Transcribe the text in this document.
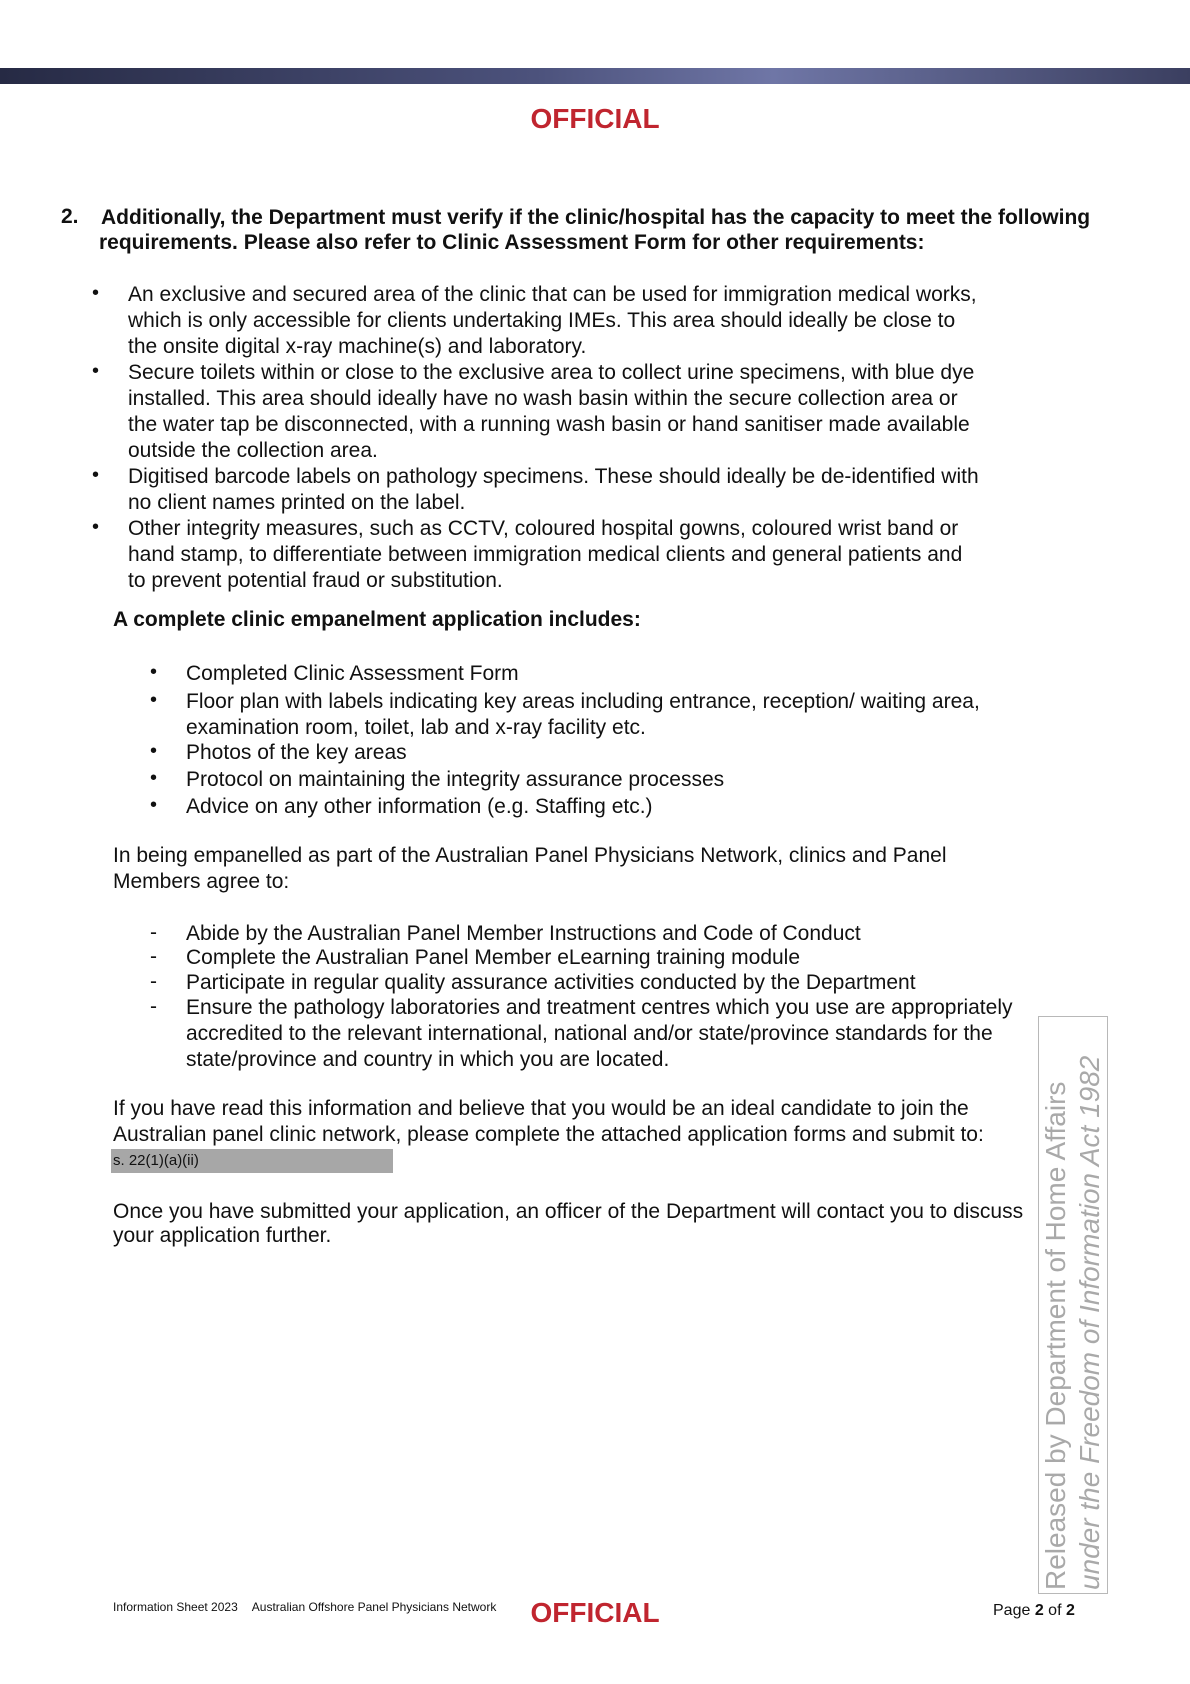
OFFICIAL
2. Additionally, the Department must verify if the clinic/hospital has the capacity to meet the following

requirements. Please also refer to Clinic Assessment Form for other requirements:

• An exclusive and secured area of the clinic that can be used for immigration medical works,

which is only accessible for clients undertaking IMEs. This area should ideally be close to

the onsite digital x-ray machine(s) and laboratory.

• Secure toilets within or close to the exclusive area to collect urine specimens, with blue dye

installed. This area should ideally have no wash basin within the secure collection area or

the water tap be disconnected, with a running wash basin or hand sanitiser made available

outside the collection area.

• Digitised barcode labels on pathology specimens. These should ideally be de-identified with

no client names printed on the label.

• Other integrity measures, such as CCTV, coloured hospital gowns, coloured wrist band or

hand stamp, to differentiate between immigration medical clients and general patients and

to prevent potential fraud or substitution.

A complete clinic empanelment application includes:

• Completed Clinic Assessment Form

• Floor plan with labels indicating key areas including entrance, reception/ waiting area,

examination room, toilet, lab and x-ray facility etc.

• Photos of the key areas

• Protocol on maintaining the integrity assurance processes

• Advice on any other information (e.g. Staffing etc.)

In being empanelled as part of the Australian Panel Physicians Network, clinics and Panel

Members agree to:

- Abide by the Australian Panel Member Instructions and Code of Conduct

- Complete the Australian Panel Member eLearning training module

- Participate in regular quality assurance activities conducted by the Department

- Ensure the pathology laboratories and treatment centres which you use are appropriately

accredited to the relevant international, national and/or state/province standards for the

state/province and country in which you are located.

If you have read this information and believe that you would be an ideal candidate to join the

Australian panel clinic network, please complete the attached application forms and submit to:

s. 22(1)(a)(ii)

Once you have submitted your application, an officer of the Department will contact you to discuss

your application further.	Released by Department of Home Affairs under the Freedom of Information Act 1982
Information Sheet 2023 Australian Offshore Panel Physicians Network	OFFICIAL	Page 2 of 2
